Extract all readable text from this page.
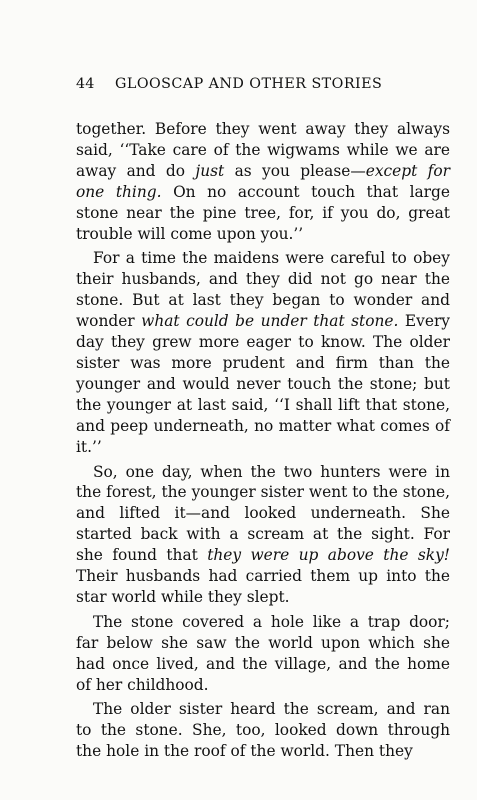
44	GLOOSCAP AND OTHER STORIES

together. Before they went away they always
said, ‘‘Take care of the wigwams while we are
away and do just as you please—except for
one thing. On no account touch that large
stone near the pine tree, for, if you do, great
trouble will come upon you.’’

For a time the maidens were careful to obey
their husbands, and they did not go near the
stone. But at last they began to wonder and
wonder what could be under that stone. Every
day they grew more eager to know. The older
sister was more prudent and firm than the
younger and would never touch the stone; but
the younger at last said, ‘‘I shall lift that stone,
and peep underneath, no matter what comes of
it.’’

So, one day, when the two hunters were in
the forest, the younger sister went to the stone,
and lifted it—and looked underneath. She
started back with a scream at the sight. For
she found that they were up above the sky!
Their husbands had carried them up into the
star world while they slept.

The stone covered a hole like a trap door;
far below she saw the world upon which she
had once lived, and the village, and the home
of her childhood.

The older sister heard the scream, and ran
to the stone. She, too, looked down through
the hole in the roof of the world. Then they
